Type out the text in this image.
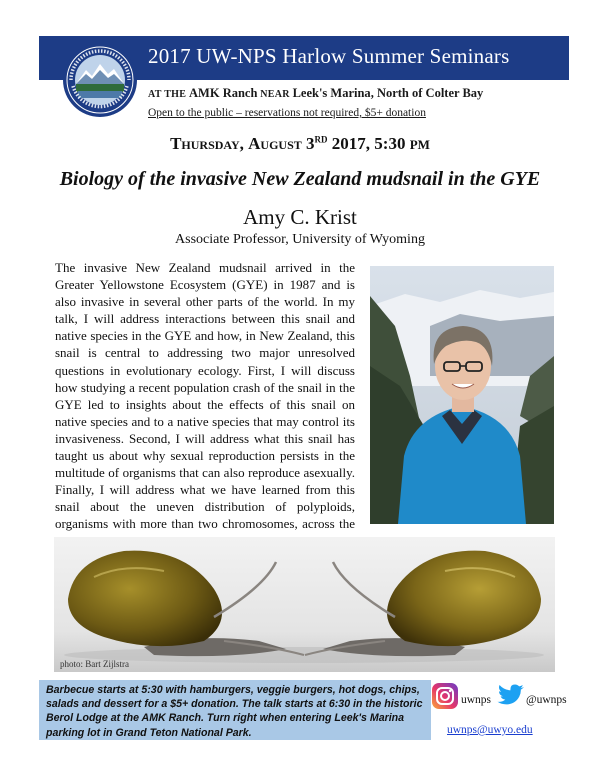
2017 UW-NPS Harlow Summer Seminars
AT THE AMK Ranch NEAR Leek's Marina, North of Colter Bay
Open to the public – reservations not required, $5+ donation
Thursday, August 3RD 2017, 5:30 PM
Biology of the invasive New Zealand mudsnail in the GYE
Amy C. Krist
Associate Professor, University of Wyoming

The invasive New Zealand mudsnail arrived in the Greater Yellowstone Ecosystem (GYE) in 1987 and is also invasive in several other parts of the world. In my talk, I will address interactions between this snail and native species in the GYE and how, in New Zealand, this snail is central to addressing two major unresolved questions in evolutionary ecology. First, I will discuss how studying a recent population crash of the snail in the GYE led to insights about the effects of this snail on native species and to a native species that may control its invasiveness. Second, I will address what this snail has taught us about why sexual reproduction persists in the multitude of organisms that can also reproduce asexually. Finally, I will address what we have learned from this snail about the uneven distribution of polyploids, organisms with more than two chromosomes, across the

photo: Bart Zijlstra

Barbecue starts at 5:30 with hamburgers, veggie burgers, hot dogs, chips, salads and dessert for a $5+ donation. The talk starts at 6:30 in the historic Berol Lodge at the AMK Ranch. Turn right when entering Leek's Marina parking lot in Grand Teton National Park.

uwnps	@uwnps
uwnps@uwyo.edu
